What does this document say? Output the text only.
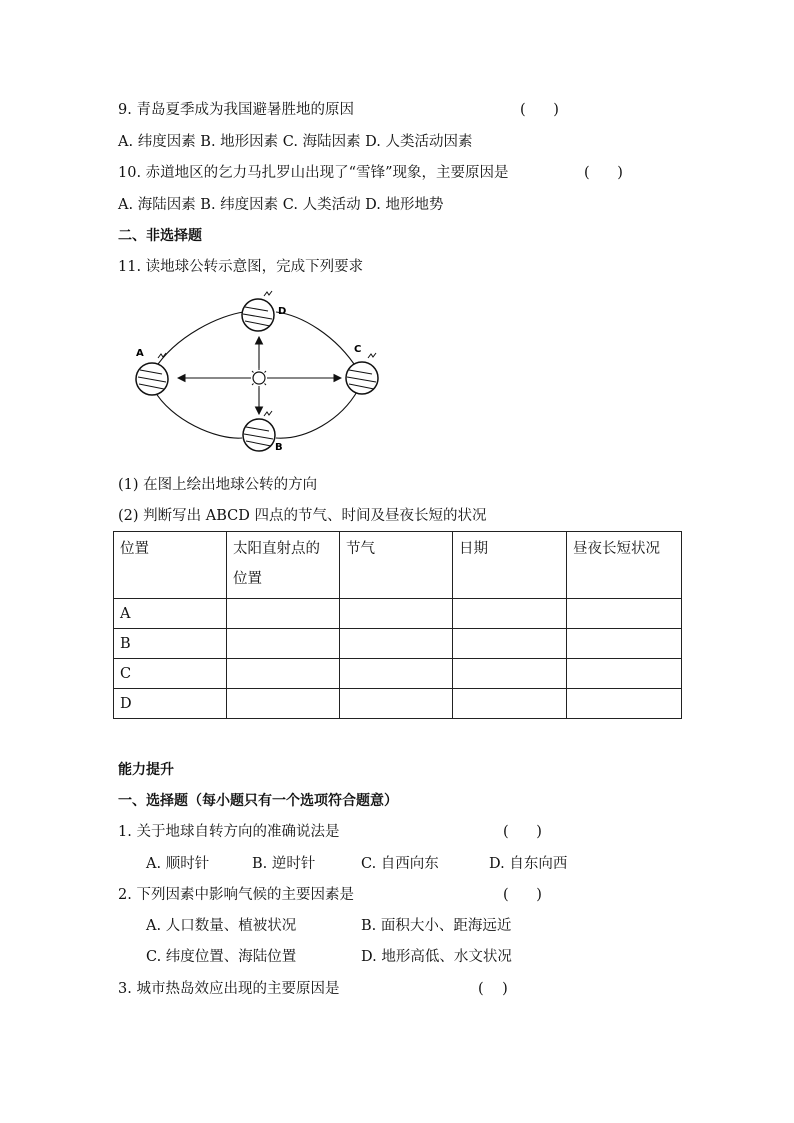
9. 青岛夏季成为我国避暑胜地的原因	(      )
A. 纬度因素 B. 地形因素 C. 海陆因素 D. 人类活动因素
10. 赤道地区的乞力马扎罗山出现了“雪锋”现象，主要原因是	(      )
A. 海陆因素 B. 纬度因素 C. 人类活动 D. 地形地势
二、非选择题
11. 读地球公转示意图，完成下列要求
A
B
C
D
(1) 在图上绘出地球公转的方向
(2) 判断写出 ABCD 四点的节气、时间及昼夜长短的状况
位置	太阳直射点的位置	节气	日期	昼夜长短状况
A				
B				
C				
D				
能力提升
一、选择题（每小题只有一个选项符合题意）
1. 关于地球自转方向的准确说法是	(      )
A. 顺时针	B. 逆时针	C. 自西向东	D. 自东向西
2. 下列因素中影响气候的主要因素是	(      )
A. 人口数量、植被状况	B. 面积大小、距海远近
C. 纬度位置、海陆位置	D. 地形高低、水文状况
3. 城市热岛效应出现的主要原因是	(    )
